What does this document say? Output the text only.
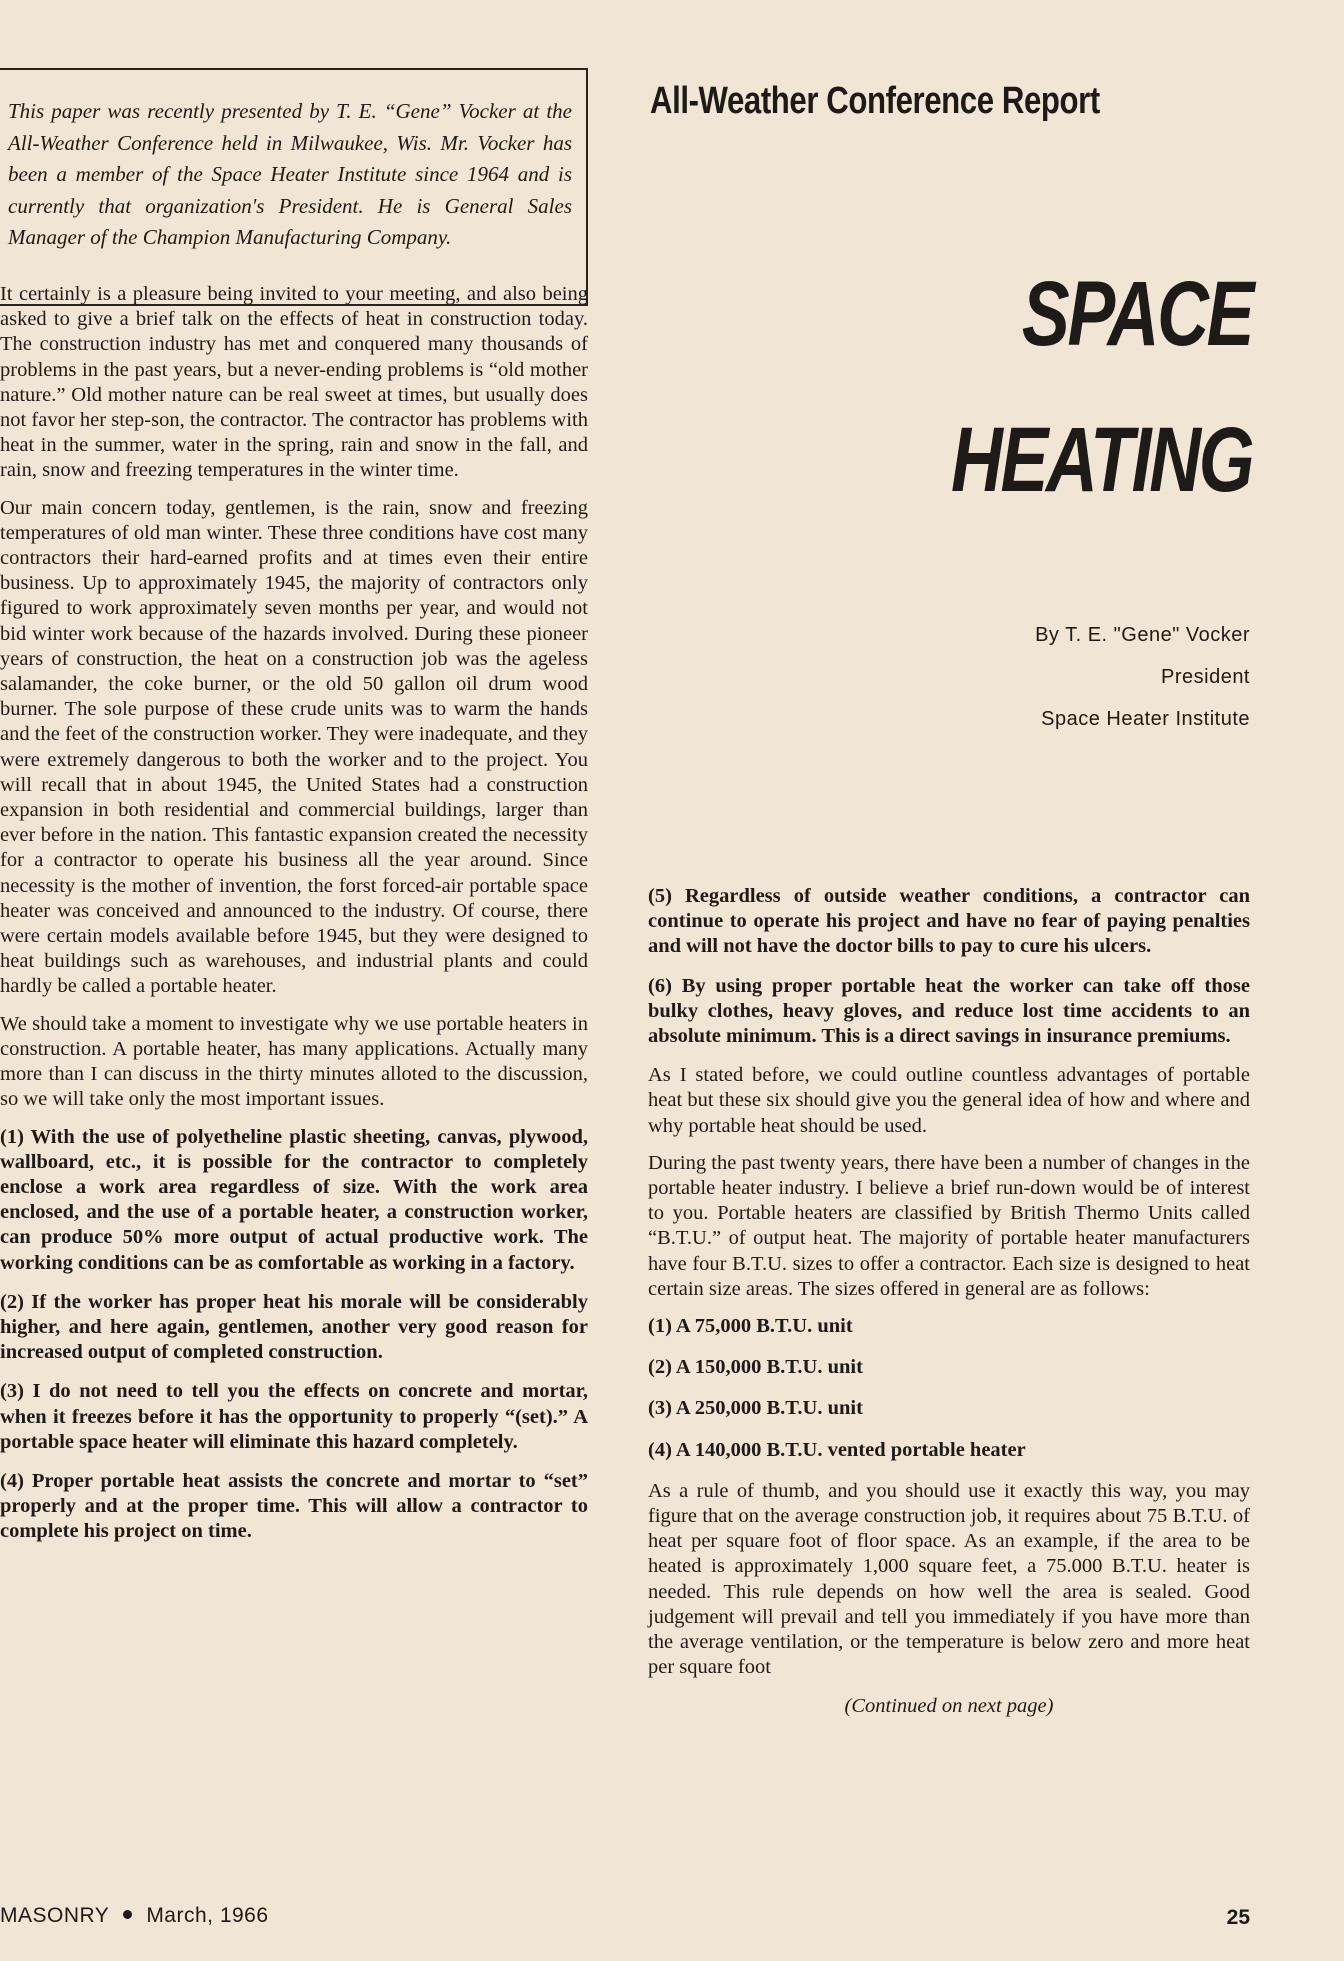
This paper was recently presented by T. E. “Gene” Vocker at the All-Weather Conference held in Milwaukee, Wis. Mr. Vocker has been a member of the Space Heater Institute since 1964 and is currently that organization's President. He is General Sales Manager of the Champion Manufacturing Company.

It certainly is a pleasure being invited to your meeting, and also being asked to give a brief talk on the effects of heat in construction today. The construction industry has met and conquered many thousands of problems in the past years, but a never-ending problems is “old mother nature.” Old mother nature can be real sweet at times, but usually does not favor her step-son, the contractor. The contractor has problems with heat in the summer, water in the spring, rain and snow in the fall, and rain, snow and freezing temperatures in the winter time.

Our main concern today, gentlemen, is the rain, snow and freezing temperatures of old man winter. These three conditions have cost many contractors their hard-earned profits and at times even their entire business. Up to approximately 1945, the majority of contractors only figured to work approximately seven months per year, and would not bid winter work because of the hazards involved. During these pioneer years of construction, the heat on a construction job was the ageless salamander, the coke burner, or the old 50 gallon oil drum wood burner. The sole purpose of these crude units was to warm the hands and the feet of the construction worker. They were inadequate, and they were extremely dangerous to both the worker and to the project. You will recall that in about 1945, the United States had a construction expansion in both residential and commercial buildings, larger than ever before in the nation. This fantastic expansion created the necessity for a contractor to operate his business all the year around. Since necessity is the mother of invention, the forst forced-air portable space heater was conceived and announced to the industry. Of course, there were certain models available before 1945, but they were designed to heat buildings such as warehouses, and industrial plants and could hardly be called a portable heater.

We should take a moment to investigate why we use portable heaters in construction. A portable heater, has many applications. Actually many more than I can discuss in the thirty minutes alloted to the discussion, so we will take only the most important issues.

(1) With the use of polyetheline plastic sheeting, canvas, plywood, wallboard, etc., it is possible for the contractor to completely enclose a work area regardless of size. With the work area enclosed, and the use of a portable heater, a construction worker, can produce 50% more output of actual productive work. The working conditions can be as comfortable as working in a factory.

(2) If the worker has proper heat his morale will be considerably higher, and here again, gentlemen, another very good reason for increased output of completed construction.

(3) I do not need to tell you the effects on concrete and mortar, when it freezes before it has the opportunity to properly “(set).” A portable space heater will eliminate this hazard completely.

(4) Proper portable heat assists the concrete and mortar to “set” properly and at the proper time. This will allow a contractor to complete his project on time.

All-Weather Conference Report
SPACE
HEATING
By T. E. "Gene" Vocker
President
Space Heater Institute

(5) Regardless of outside weather conditions, a contractor can continue to operate his project and have no fear of paying penalties and will not have the doctor bills to pay to cure his ulcers.

(6) By using proper portable heat the worker can take off those bulky clothes, heavy gloves, and reduce lost time accidents to an absolute minimum. This is a direct savings in insurance premiums.

As I stated before, we could outline countless advantages of portable heat but these six should give you the general idea of how and where and why portable heat should be used.

During the past twenty years, there have been a number of changes in the portable heater industry. I believe a brief run-down would be of interest to you. Portable heaters are classified by British Thermo Units called “B.T.U.” of output heat. The majority of portable heater manufacturers have four B.T.U. sizes to offer a contractor. Each size is designed to heat certain size areas. The sizes offered in general are as follows:

(1) A 75,000 B.T.U. unit
(2) A 150,000 B.T.U. unit
(3) A 250,000 B.T.U. unit
(4) A 140,000 B.T.U. vented portable heater

As a rule of thumb, and you should use it exactly this way, you may figure that on the average construction job, it requires about 75 B.T.U. of heat per square foot of floor space. As an example, if the area to be heated is approximately 1,000 square feet, a 75.000 B.T.U. heater is needed. This rule depends on how well the area is sealed. Good judgement will prevail and tell you immediately if you have more than the average ventilation, or the temperature is below zero and more heat per square foot

(Continued on next page)
MASONRY March, 1966	25
